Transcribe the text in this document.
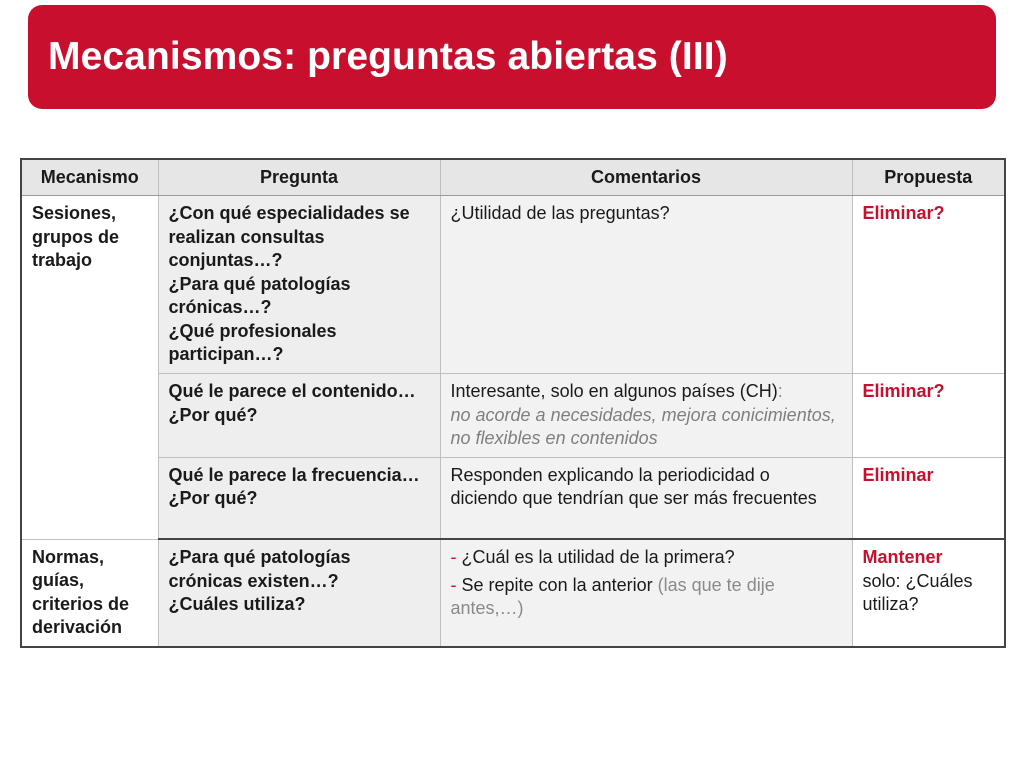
Mecanismos: preguntas abiertas (III)
Mecanismo	Pregunta	Comentarios	Propuesta
Sesiones, grupos de trabajo	¿Con qué especialidades se realizan consultas conjuntas…?
¿Para qué patologías crónicas…?
¿Qué profesionales participan…?	¿Utilidad de las preguntas?	Eliminar?
	Qué le parece el contenido… ¿Por qué?	Interesante, solo en algunos países (CH):
no acorde a necesidades, mejora conicimientos, no flexibles en contenidos	Eliminar?
	Qué le parece la frecuencia… ¿Por qué?	Responden explicando la periodicidad o diciendo que tendrían que ser más frecuentes	Eliminar
Normas, guías, criterios de derivación	¿Para qué patologías crónicas existen…?
¿Cuáles utiliza?	- ¿Cuál es la utilidad de la primera?
- Se repite con la anterior (las que te dije antes,…)	Mantener
solo: ¿Cuáles utiliza?
